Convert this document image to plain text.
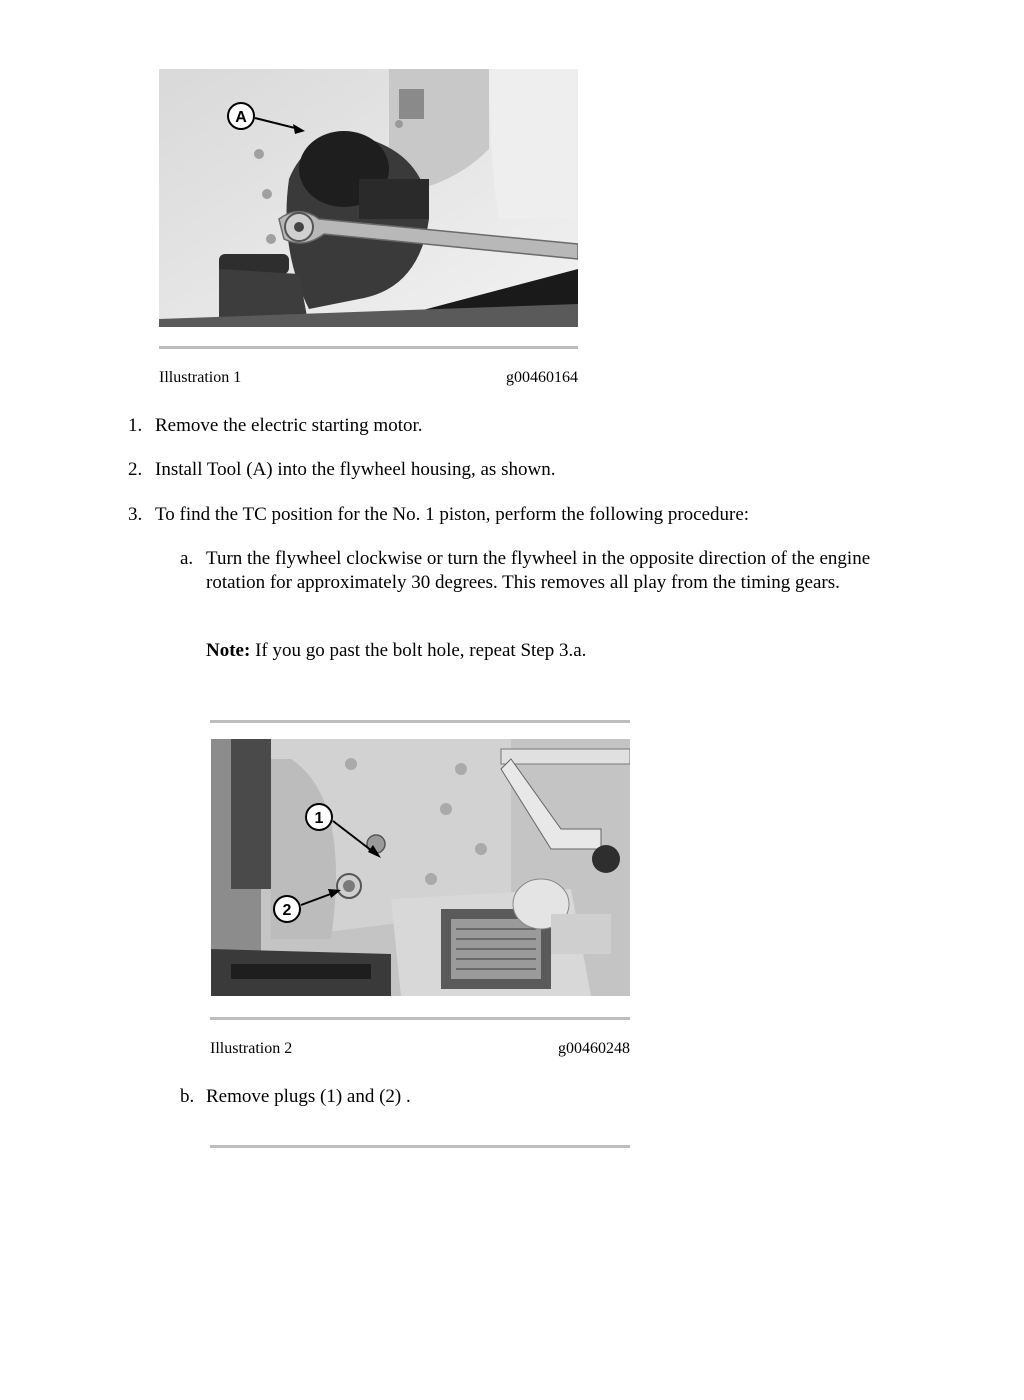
A
Illustration 1	g00460164
1. Remove the electric starting motor.
2. Install Tool (A) into the flywheel housing, as shown.
3. To find the TC position for the No. 1 piston, perform the following procedure:
a. Turn the flywheel clockwise or turn the flywheel in the opposite direction of the engine rotation for approximately 30 degrees. This removes all play from the timing gears.
Note: If you go past the bolt hole, repeat Step 3.a.
1
2
Illustration 2	g00460248
b. Remove plugs (1) and (2) .
